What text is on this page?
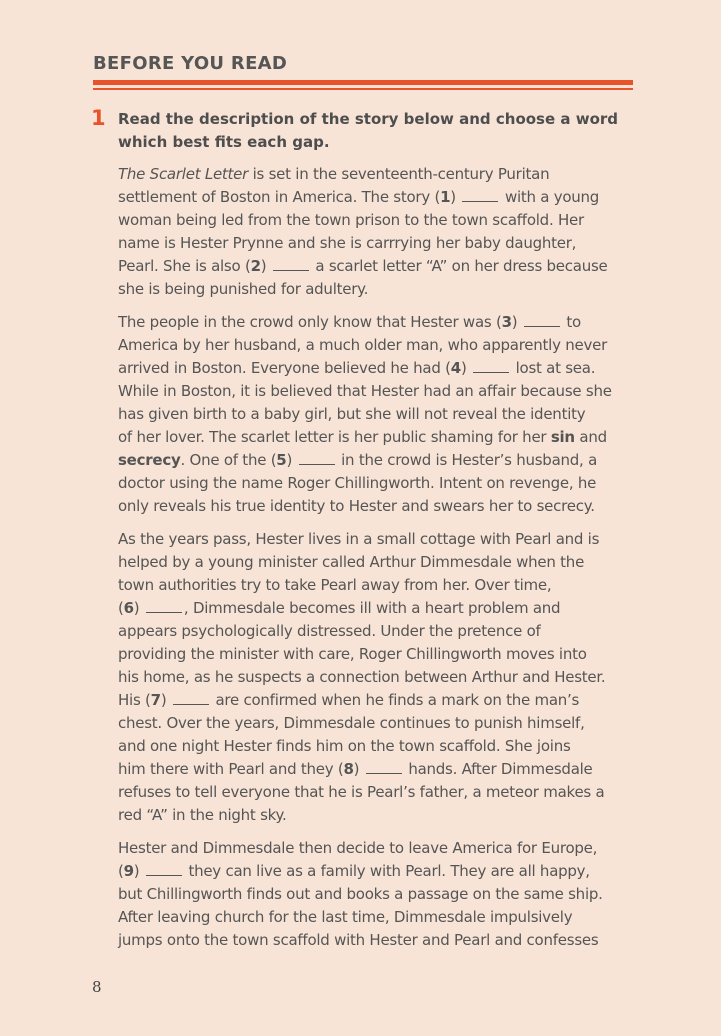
BEFORE YOU READ
1 Read the description of the story below and choose a word
which best fits each gap.

The Scarlet Letter is set in the seventeenth-century Puritan
settlement of Boston in America. The story (1)	with a young
woman being led from the town prison to the town scaffold. Her
name is Hester Prynne and she is carrrying her baby daughter,
Pearl. She is also (2)	a scarlet letter “A” on her dress because
she is being punished for adultery.

The people in the crowd only know that Hester was (3)	to
America by her husband, a much older man, who apparently never
arrived in Boston. Everyone believed he had (4)	lost at sea.
While in Boston, it is believed that Hester had an affair because she
has given birth to a baby girl, but she will not reveal the identity
of her lover. The scarlet letter is her public shaming for her sin and
secrecy. One of the (5)	in the crowd is Hester’s husband, a
doctor using the name Roger Chillingworth. Intent on revenge, he
only reveals his true identity to Hester and swears her to secrecy.

As the years pass, Hester lives in a small cottage with Pearl and is
helped by a young minister called Arthur Dimmesdale when the
town authorities try to take Pearl away from her. Over time,
(6)	, Dimmesdale becomes ill with a heart problem and
appears psychologically distressed. Under the pretence of
providing the minister with care, Roger Chillingworth moves into
his home, as he suspects a connection between Arthur and Hester.
His (7)	are confirmed when he finds a mark on the man’s
chest. Over the years, Dimmesdale continues to punish himself,
and one night Hester finds him on the town scaffold. She joins
him there with Pearl and they (8)	hands. After Dimmesdale
refuses to tell everyone that he is Pearl’s father, a meteor makes a
red “A” in the night sky.

Hester and Dimmesdale then decide to leave America for Europe,
(9)	they can live as a family with Pearl. They are all happy,
but Chillingworth finds out and books a passage on the same ship.
After leaving church for the last time, Dimmesdale impulsively
jumps onto the town scaffold with Hester and Pearl and confesses

8
